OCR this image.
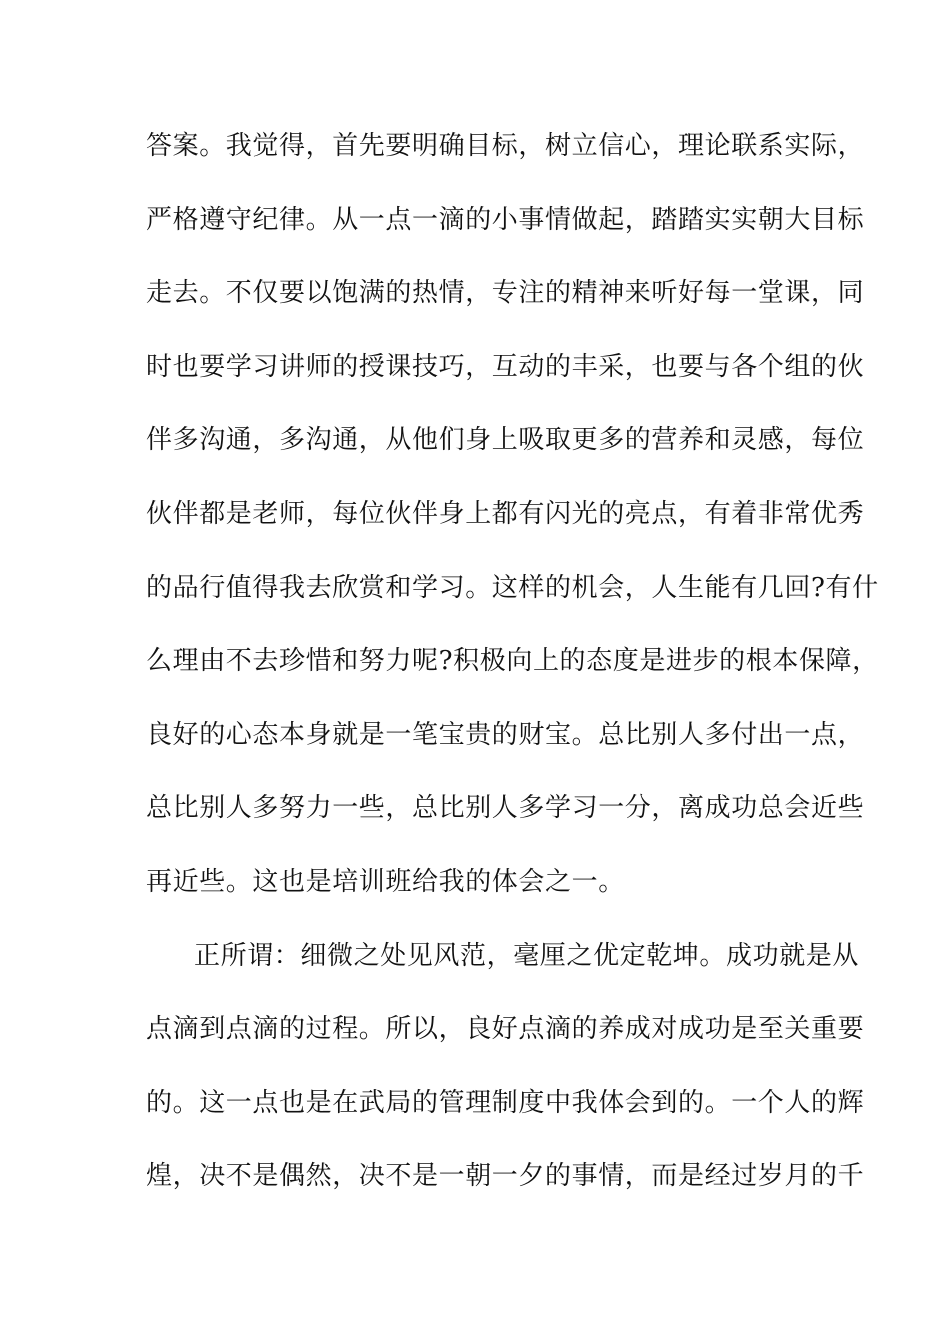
答案。我觉得，首先要明确目标，树立信心，理论联系实际，
严格遵守纪律。从一点一滴的小事情做起，踏踏实实朝大目标
走去。不仅要以饱满的热情，专注的精神来听好每一堂课，同
时也要学习讲师的授课技巧，互动的丰采，也要与各个组的伙
伴多沟通，多沟通，从他们身上吸取更多的营养和灵感，每位
伙伴都是老师，每位伙伴身上都有闪光的亮点，有着非常优秀
的品行值得我去欣赏和学习。这样的机会，人生能有几回?有什
么理由不去珍惜和努力呢?积极向上的态度是进步的根本保障，
良好的心态本身就是一笔宝贵的财宝。总比别人多付出一点，
总比别人多努力一些，总比别人多学习一分，离成功总会近些
再近些。这也是培训班给我的体会之一。
正所谓：细微之处见风范，毫厘之优定乾坤。成功就是从
点滴到点滴的过程。所以，良好点滴的养成对成功是至关重要
的。这一点也是在武局的管理制度中我体会到的。一个人的辉
煌，决不是偶然，决不是一朝一夕的事情，而是经过岁月的千
